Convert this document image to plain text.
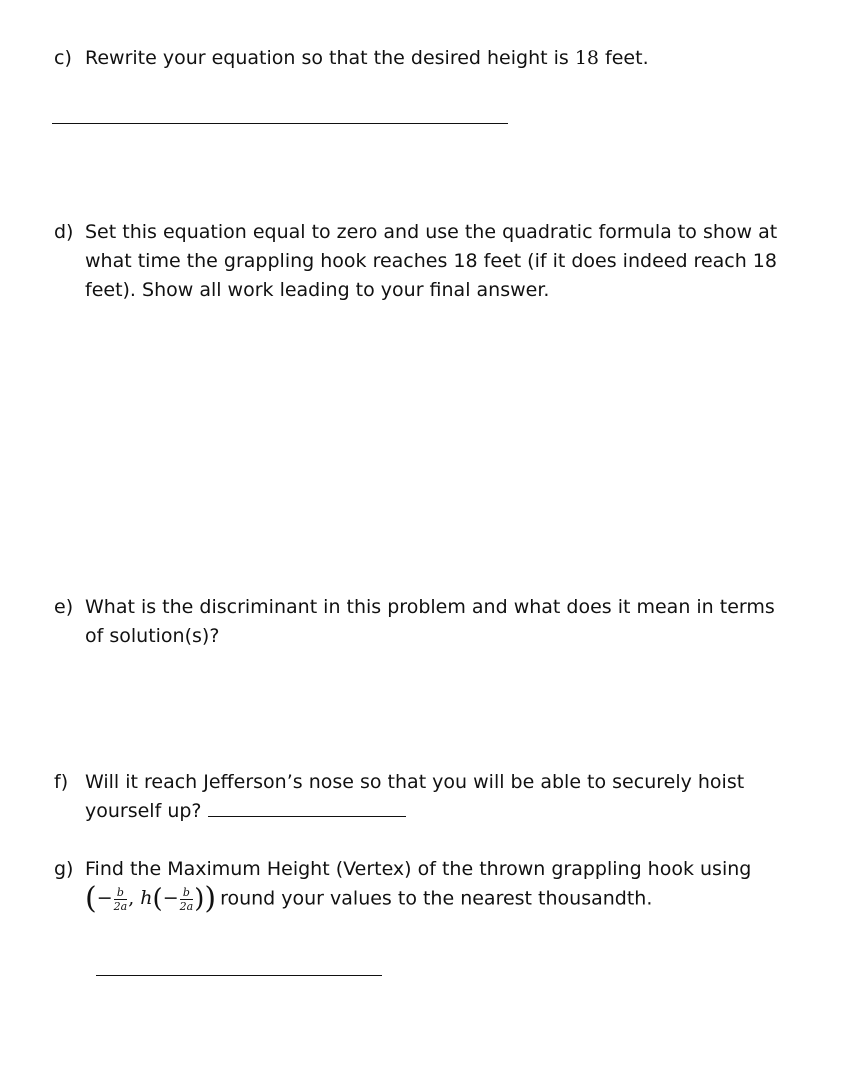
c) Rewrite your equation so that the desired height is 18 feet.
d) Set this equation equal to zero and use the quadratic formula to show at what time the grappling hook reaches 18 feet (if it does indeed reach 18 feet). Show all work leading to your final answer.
e) What is the discriminant in this problem and what does it mean in terms of solution(s)?
f) Will it reach Jefferson’s nose so that you will be able to securely hoist yourself up?
g) Find the Maximum Height (Vertex) of the thrown grappling hook using
(− $\frac{b}{2a}$ , $h(- \frac{b}{2a}$ )) round your values to the nearest thousandth.
